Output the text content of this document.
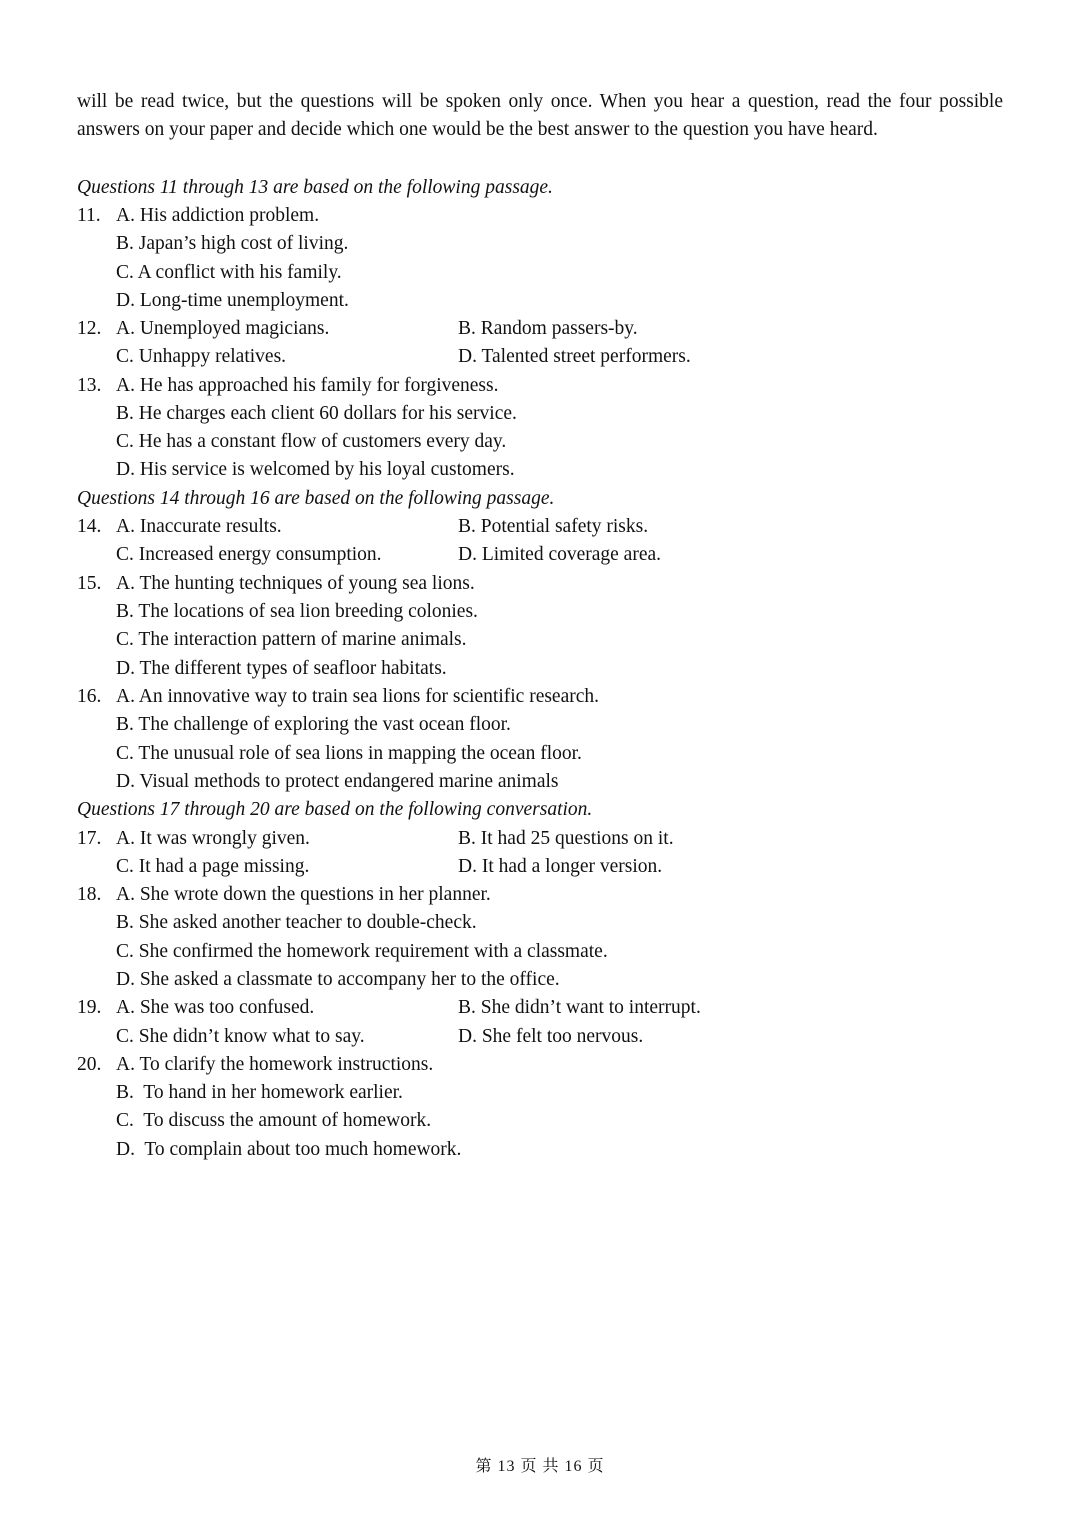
will be read twice, but the questions will be spoken only once. When you hear a question, read the four possible answers on your paper and decide which one would be the best answer to the question you have heard.
Questions 11 through 13 are based on the following passage.
11. A. His addiction problem.
B. Japan’s high cost of living.
C. A conflict with his family.
D. Long-time unemployment.
12. A. Unemployed magicians.	B. Random passers-by.
C. Unhappy relatives.	D. Talented street performers.
13. A. He has approached his family for forgiveness.
B. He charges each client 60 dollars for his service.
C. He has a constant flow of customers every day.
D. His service is welcomed by his loyal customers.
Questions 14 through 16 are based on the following passage.
14. A. Inaccurate results.	B. Potential safety risks.
C. Increased energy consumption.	D. Limited coverage area.
15. A. The hunting techniques of young sea lions.
B. The locations of sea lion breeding colonies.
C. The interaction pattern of marine animals.
D. The different types of seafloor habitats.
16. A. An innovative way to train sea lions for scientific research.
B. The challenge of exploring the vast ocean floor.
C. The unusual role of sea lions in mapping the ocean floor.
D. Visual methods to protect endangered marine animals
Questions 17 through 20 are based on the following conversation.
17. A. It was wrongly given.	B. It had 25 questions on it.
C. It had a page missing.	D. It had a longer version.
18. A. She wrote down the questions in her planner.
B. She asked another teacher to double-check.
C. She confirmed the homework requirement with a classmate.
D. She asked a classmate to accompany her to the office.
19. A. She was too confused.	B. She didn’t want to interrupt.
C. She didn’t know what to say.	D. She felt too nervous.
20. A. To clarify the homework instructions.
B.  To hand in her homework earlier.
C.  To discuss the amount of homework.
D.  To complain about too much homework.
第 13 页 共 16 页
